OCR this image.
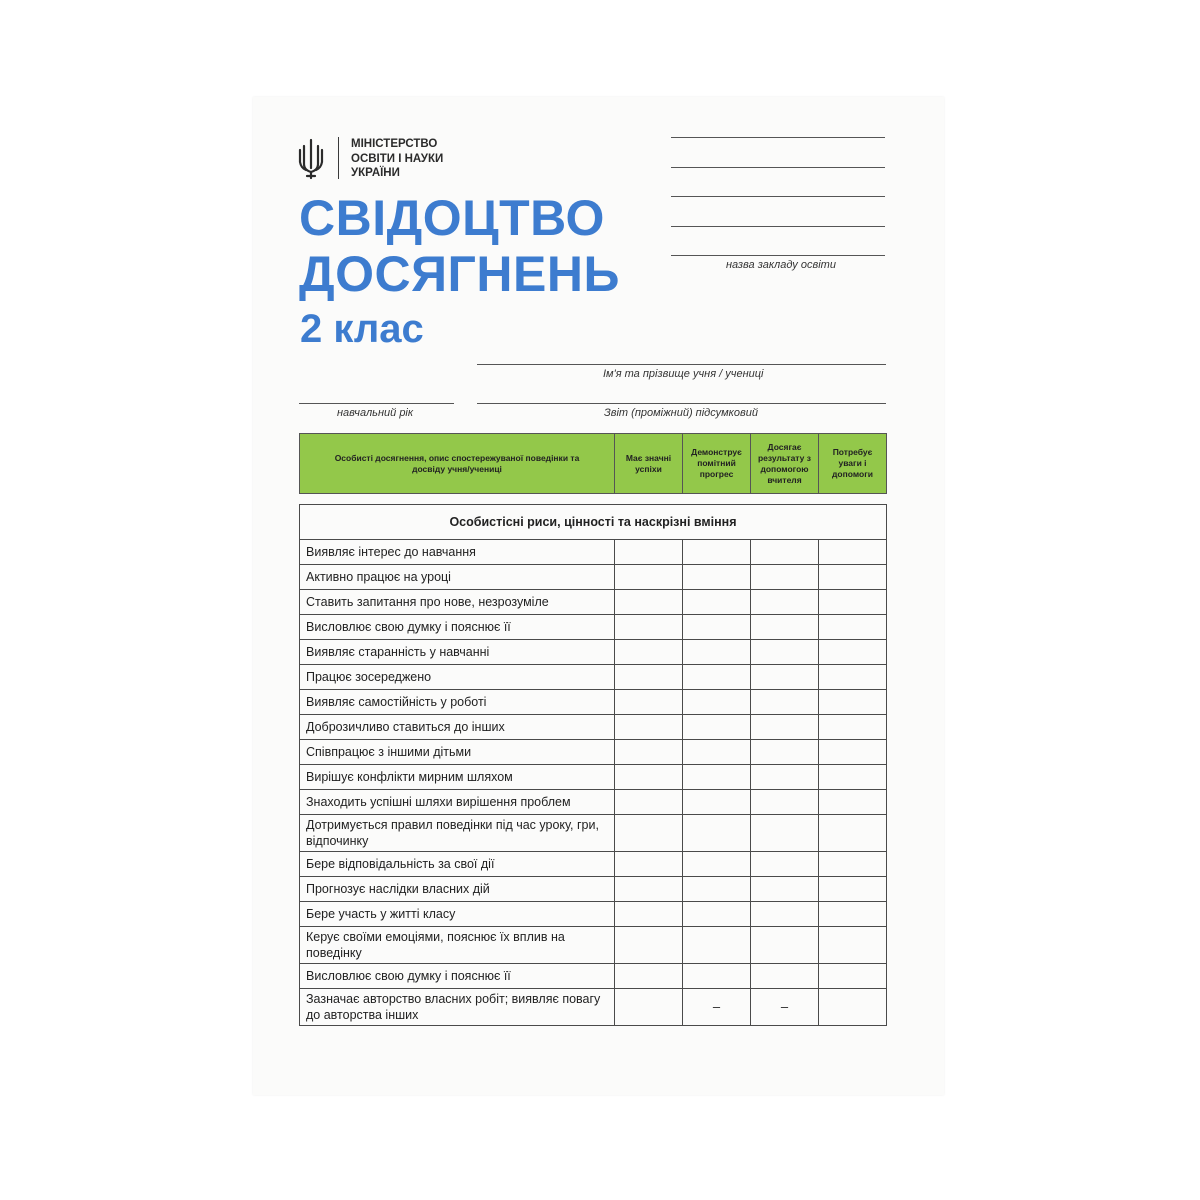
МІНІСТЕРСТВО
ОСВІТИ І НАУКИ
УКРАЇНИ
СВІДОЦТВО
ДОСЯГНЕНЬ
2 клас
назва закладу освіти
Ім'я та прізвище учня / учениці
навчальний рік	Звіт (проміжний) підсумковий
Особисті досягнення, опис спостережуваної поведінки та досвіду учня/учениці	Має значні успіхи	Демонструє помітний прогрес	Досягає результату з допомогою вчителя	Потребує уваги і допомоги
Особистісні риси, цінності та наскрізні вміння				
Виявляє інтерес до навчання				
Активно працює на уроці				
Ставить запитання про нове, незрозуміле				
Висловлює свою думку і пояснює її				
Виявляє старанність у навчанні				
Працює зосереджено				
Виявляє самостійність у роботі				
Доброзичливо ставиться до інших				
Співпрацює з іншими дітьми				
Вирішує конфлікти мирним шляхом				
Знаходить успішні шляхи вирішення проблем				
Дотримується правил поведінки під час уроку, гри, відпочинку				
Бере відповідальність за свої дії				
Прогнозує наслідки власних дій				
Бере участь у житті класу				
Керує своїми емоціями, пояснює їх вплив на поведінку				
Висловлює свою думку і пояснює її				
Зазначає авторство власних робіт; виявляє повагу до авторства інших		–	–	
